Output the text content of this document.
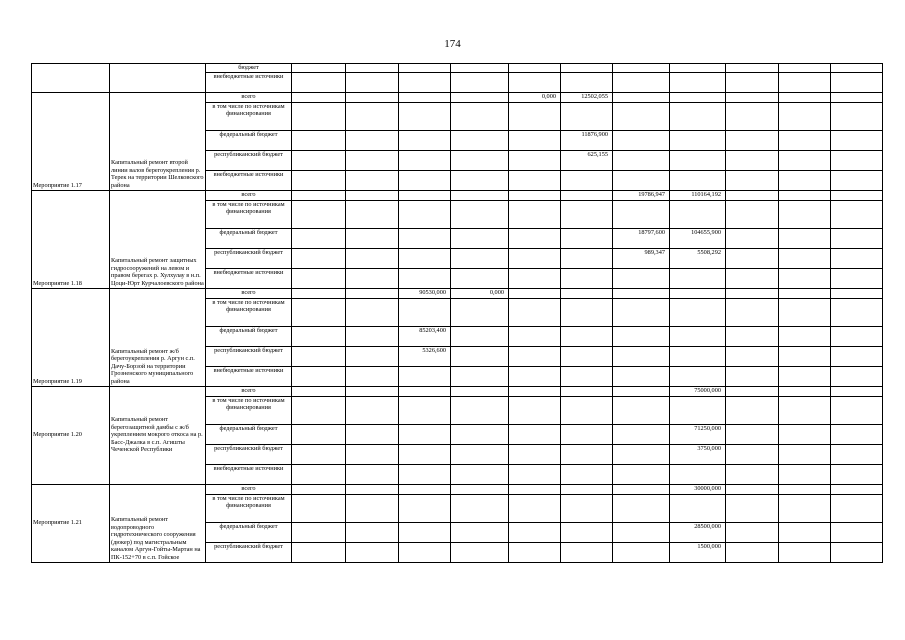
174
		бюджет											
		внебюджетные источники											
Мероприятие 1.17	Капитальный ремонт второй линии валов берегоукрепления р. Терек на территории Шелковского района	всего					0,000	12502,055					
		в том числе по источникам финансирования											
		федеральный бюджет						11876,900					
		республиканский бюджет						625,155					
		внебюджетные источники											
Мероприятие 1.18	Капитальный ремонт защитных гидросооружений на левом и правом берегах р. Хулхулау в н.п. Цоци-Юрт Курчалоевского района	всего							19786,947	110164,192			
		в том числе по источникам финансирования											
		федеральный бюджет							18797,600	104655,900			
		республиканский бюджет							989,347	5508,292			
		внебюджетные источники											
Мероприятие 1.19	Капитальный ремонт ж/б берегоукрепления р. Аргун с.п. Дачу-Борзой на территории Грозненского муниципального района	всего			90530,000	0,000							
		в том числе по источникам финансирования											
		федеральный бюджет			85203,400								
		республиканский бюджет			5326,600								
		внебюджетные источники											
Мероприятие 1.20	Капитальный ремонт берегозащитной дамбы с ж/б укреплением мокрого откоса на р. Басс-Джалка в с.п. Агишты Чеченской Республики	всего								75000,000			
		в том числе по источникам финансирования											
		федеральный бюджет								71250,000			
		республиканский бюджет								3750,000			
		внебюджетные источники											
Мероприятие 1.21	Капитальный ремонт водопроводного гидротехнического сооружения (дюкер) под магистральным каналом Аргун-Гойты-Мартан на ПК-152+70 в с.п. Гойское	всего								30000,000			
		в том числе по источникам финансирования											
		федеральный бюджет								28500,000			
		республиканский бюджет								1500,000			
